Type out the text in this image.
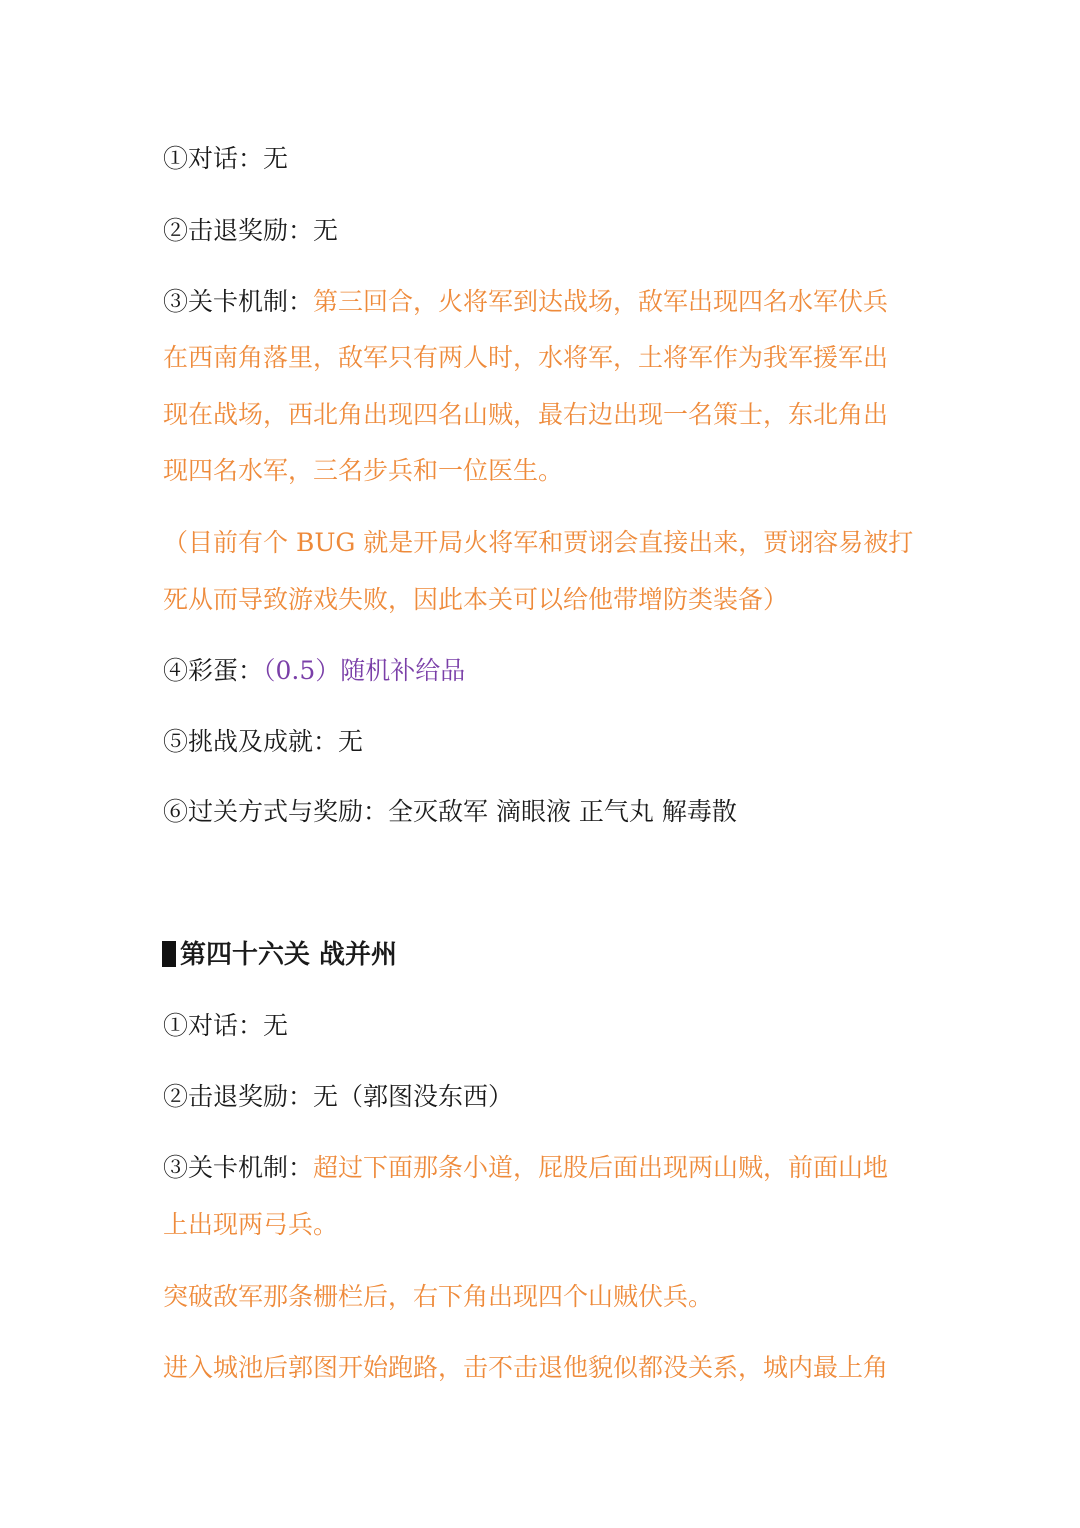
①对话：无
②击退奖励：无
③关卡机制：第三回合，火将军到达战场，敌军出现四名水军伏兵
在西南角落里，敌军只有两人时，水将军，土将军作为我军援军出
现在战场，西北角出现四名山贼，最右边出现一名策士，东北角出
现四名水军，三名步兵和一位医生。
（目前有个 BUG 就是开局火将军和贾诩会直接出来，贾诩容易被打
死从而导致游戏失败，因此本关可以给他带增防类装备）
④彩蛋：（0.5）随机补给品
⑤挑战及成就：无
⑥过关方式与奖励：全灭敌军 滴眼液 正气丸 解毒散
第四十六关 战并州
①对话：无
②击退奖励：无（郭图没东西）
③关卡机制：超过下面那条小道，屁股后面出现两山贼，前面山地
上出现两弓兵。
突破敌军那条栅栏后，右下角出现四个山贼伏兵。
进入城池后郭图开始跑路，击不击退他貌似都没关系，城内最上角
